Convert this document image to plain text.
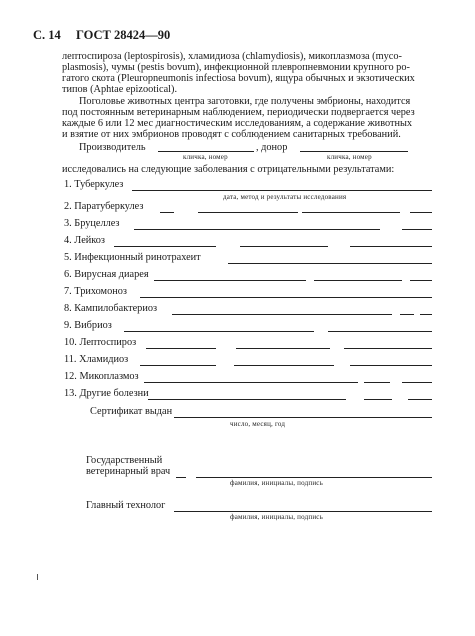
С. 14 ГОСТ 28424—90
лептоспироза (leptospirosis), хламидиоза (chlamydiosis), микоплазмоза (myco-
plasmosis), чумы (pestis bovum), инфекционной плевропневмонии крупного ро-
гатого скота (Pleuropneumonis infectiosa bovum), ящура обычных и экзотических
типов (Aphtae epizootical).
Поголовье животных центра заготовки, где получены эмбрионы, находится
под постоянным ветеринарным наблюдением, периодически подвергается через
каждые 6 или 12 мес диагностическим исследованиям, а содержание животных
и взятие от них эмбрионов проводят с соблюдением санитарных требований.
Производитель	, донор
кличка, номер	кличка, номер
исследовались на следующие заболевания с отрицательными результатами:
1. Туберкулез
дата, метод и результаты исследования
2. Паратуберкулез
3. Бруцеллез
4. Лейкоз
5. Инфекционный ринотрахеит
6. Вирусная диарея
7. Трихомоноз
8. Кампилобактериоз
9. Вибриоз
10. Лептоспироз
11. Хламидиоз
12. Микоплазмоз
13. Другие болезни
Сертификат выдан
число, месяц, год
Государственный
ветеринарный врач
фамилия, инициалы, подпись
Главный технолог
фамилия, инициалы, подпись
